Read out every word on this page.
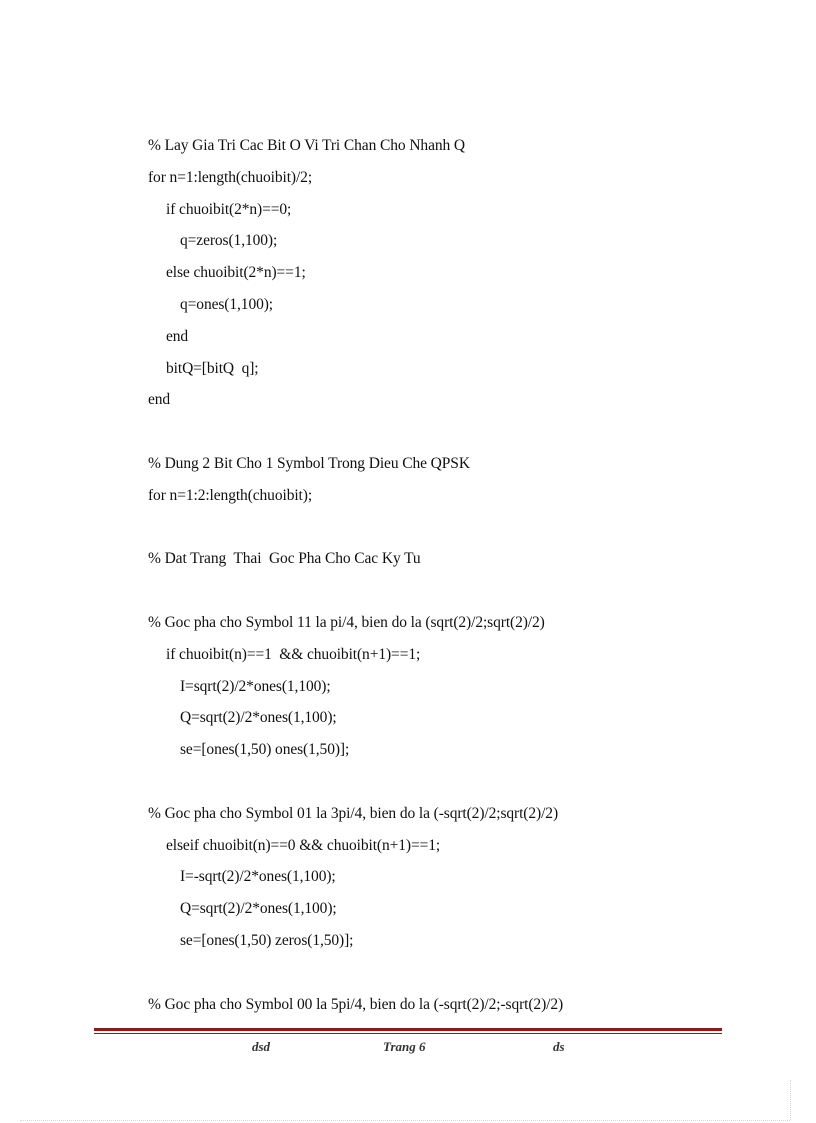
% Lay Gia Tri Cac Bit O Vi Tri Chan Cho Nhanh Q
for n=1:length(chuoibit)/2;
if chuoibit(2*n)==0;
q=zeros(1,100);
else chuoibit(2*n)==1;
q=ones(1,100);
end
bitQ=[bitQ  q];
end
% Dung 2 Bit Cho 1 Symbol Trong Dieu Che QPSK
for n=1:2:length(chuoibit);
% Dat Trang  Thai  Goc Pha Cho Cac Ky Tu
% Goc pha cho Symbol 11 la pi/4, bien do la (sqrt(2)/2;sqrt(2)/2)
if chuoibit(n)==1  && chuoibit(n+1)==1;
I=sqrt(2)/2*ones(1,100);
Q=sqrt(2)/2*ones(1,100);
se=[ones(1,50) ones(1,50)];
% Goc pha cho Symbol 01 la 3pi/4, bien do la (-sqrt(2)/2;sqrt(2)/2)
elseif chuoibit(n)==0 && chuoibit(n+1)==1;
I=-sqrt(2)/2*ones(1,100);
Q=sqrt(2)/2*ones(1,100);
se=[ones(1,50) zeros(1,50)];
% Goc pha cho Symbol 00 la 5pi/4, bien do la (-sqrt(2)/2;-sqrt(2)/2)
dsd	Trang 6	ds
